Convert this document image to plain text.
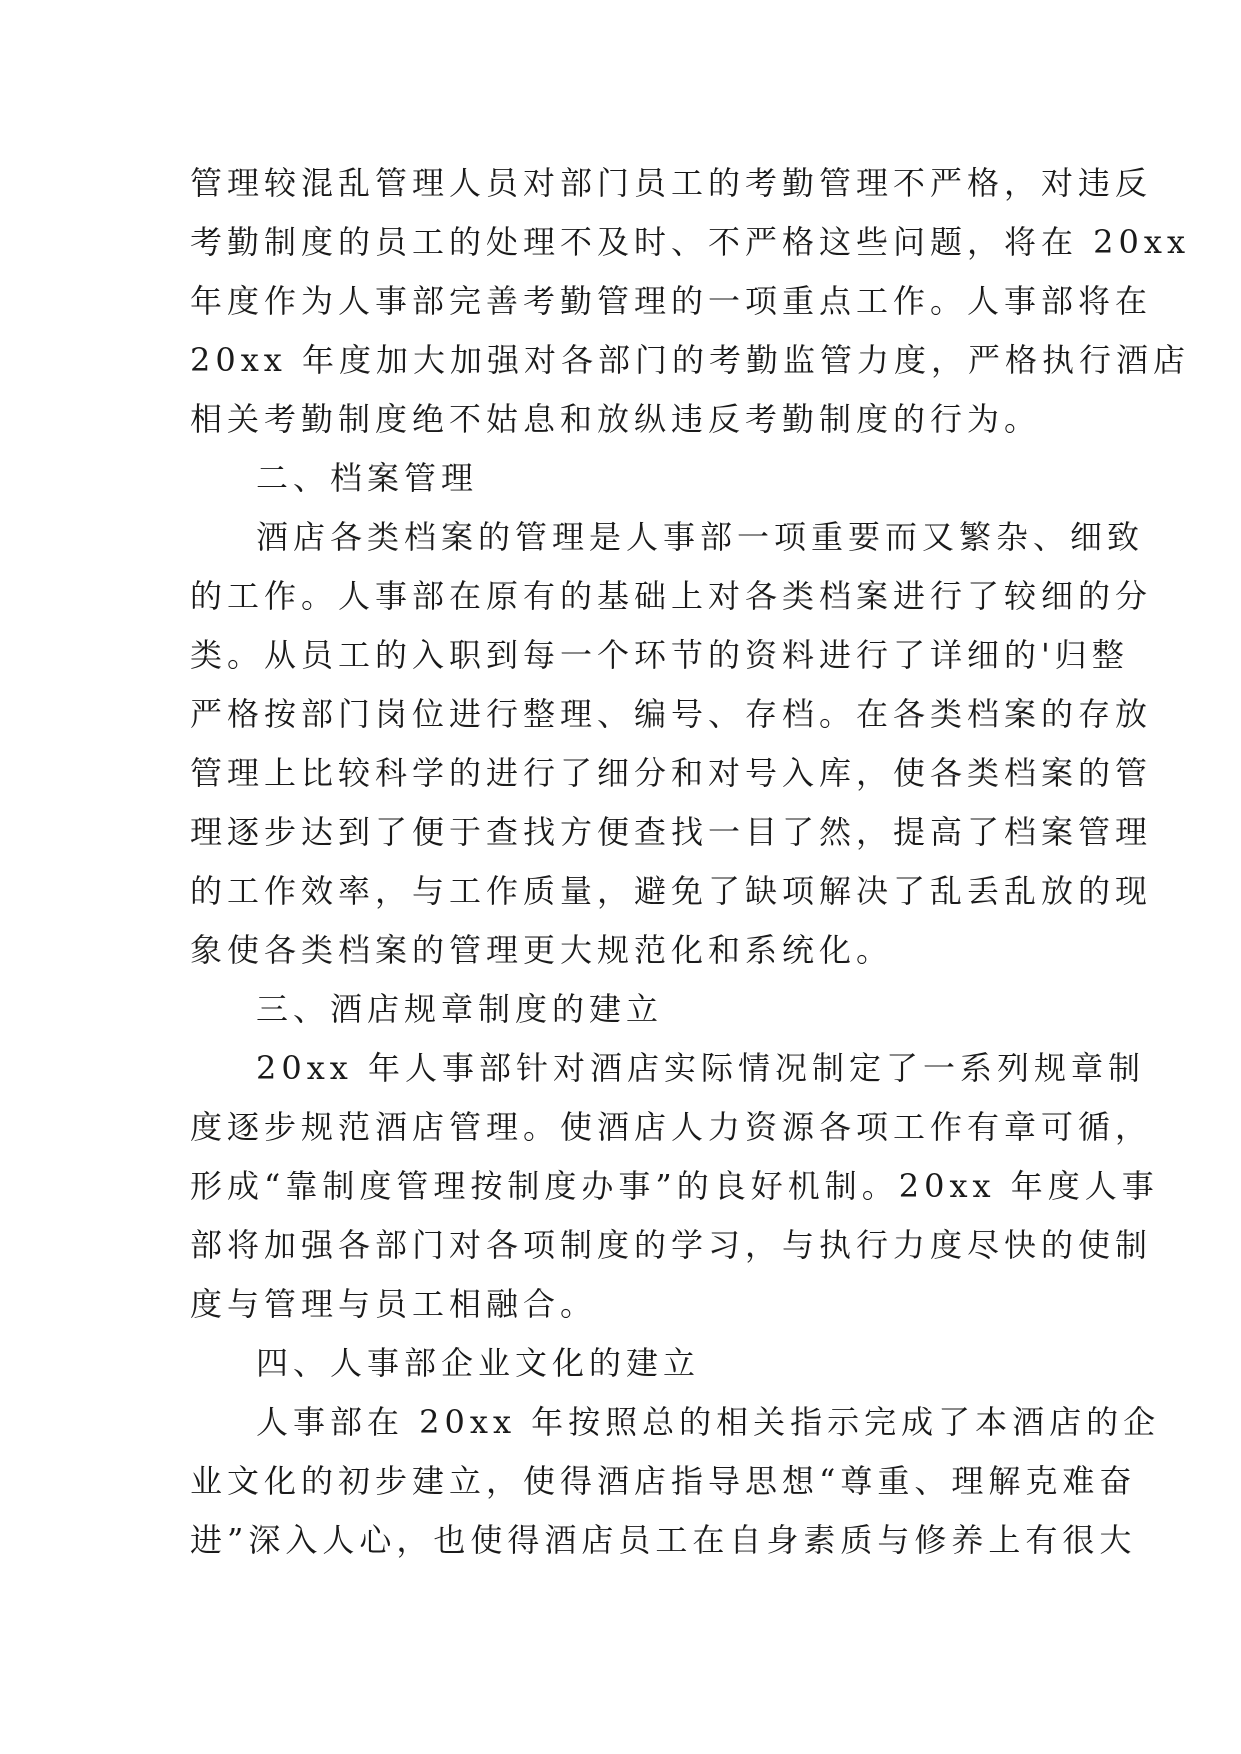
管理较混乱管理人员对部门员工的考勤管理不严格，对违反
考勤制度的员工的处理不及时、不严格这些问题，将在 20xx
年度作为人事部完善考勤管理的一项重点工作。人事部将在
20xx 年度加大加强对各部门的考勤监管力度，严格执行酒店
相关考勤制度绝不姑息和放纵违反考勤制度的行为。
二、档案管理
酒店各类档案的管理是人事部一项重要而又繁杂、细致
的工作。人事部在原有的基础上对各类档案进行了较细的分
类。从员工的入职到每一个环节的资料进行了详细的'归整
严格按部门岗位进行整理、编号、存档。在各类档案的存放
管理上比较科学的进行了细分和对号入库，使各类档案的管
理逐步达到了便于查找方便查找一目了然，提高了档案管理
的工作效率，与工作质量，避免了缺项解决了乱丢乱放的现
象使各类档案的管理更大规范化和系统化。
三、酒店规章制度的建立
20xx 年人事部针对酒店实际情况制定了一系列规章制
度逐步规范酒店管理。使酒店人力资源各项工作有章可循，
形成“靠制度管理按制度办事”的良好机制。20xx 年度人事
部将加强各部门对各项制度的学习，与执行力度尽快的使制
度与管理与员工相融合。
四、人事部企业文化的建立
人事部在 20xx 年按照总的相关指示完成了本酒店的企
业文化的初步建立，使得酒店指导思想“尊重、理解克难奋
进”深入人心，也使得酒店员工在自身素质与修养上有很大
